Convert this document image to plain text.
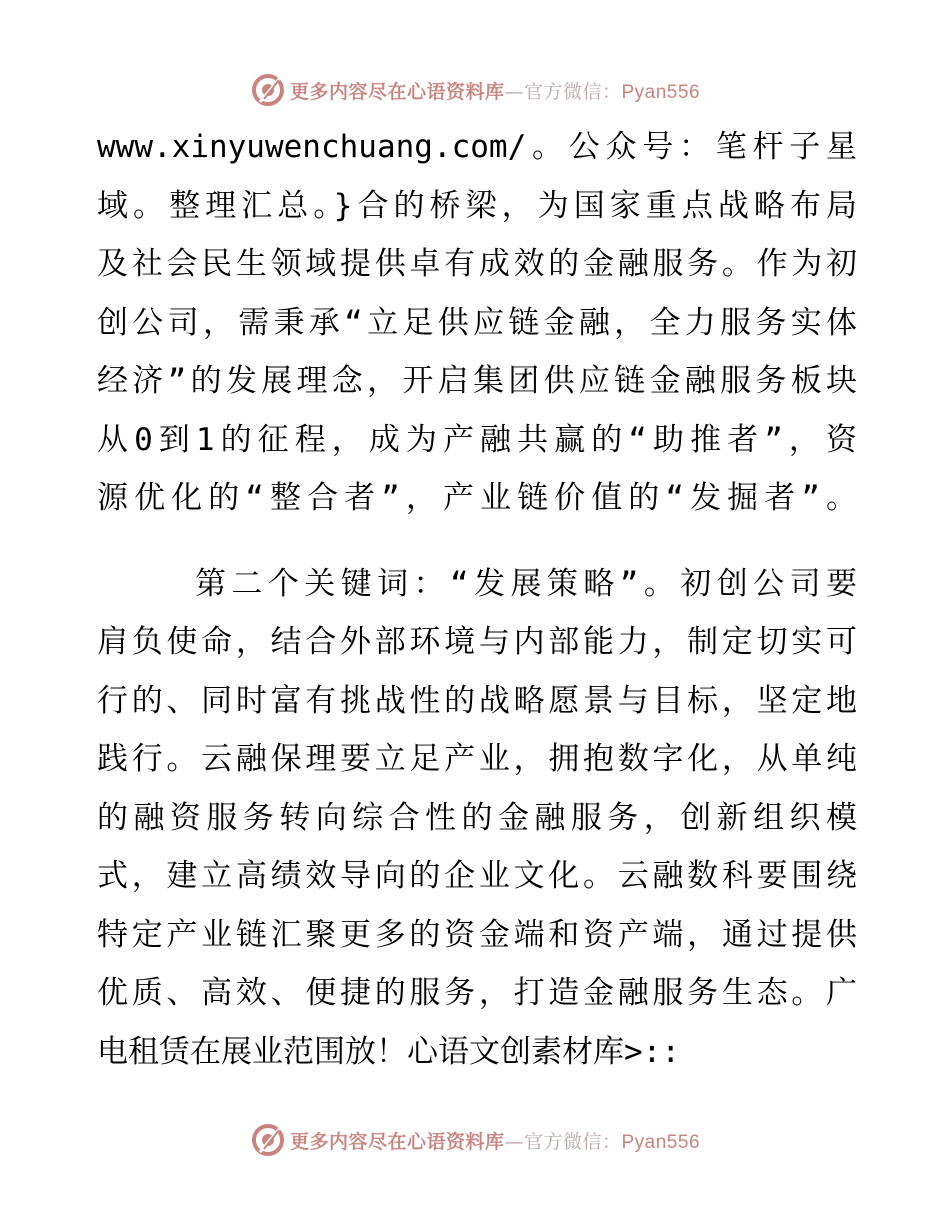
更多内容尽在心语资料库—官方微信：Pyan556

www.xinyuwenchuang.com/。公众号：笔杆子星

域。整理汇总。}合的桥梁，为国家重点战略布局

及社会民生领域提供卓有成效的金融服务。作为初

创公司，需秉承“立足供应链金融，全力服务实体

经济”的发展理念，开启集团供应链金融服务板块

从0到1的征程，成为产融共赢的“助推者”，资

源优化的“整合者”，产业链价值的“发掘者”。

第二个关键词：“发展策略”。初创公司要

肩负使命，结合外部环境与内部能力，制定切实可

行的、同时富有挑战性的战略愿景与目标，坚定地

践行。云融保理要立足产业，拥抱数字化，从单纯

的融资服务转向综合性的金融服务，创新组织模

式，建立高绩效导向的企业文化。云融数科要围绕

特定产业链汇聚更多的资金端和资产端，通过提供

优质、高效、便捷的服务，打造金融服务生态。广

电租赁在展业范围放！心语文创素材库>::

更多内容尽在心语资料库—官方微信：Pyan556
